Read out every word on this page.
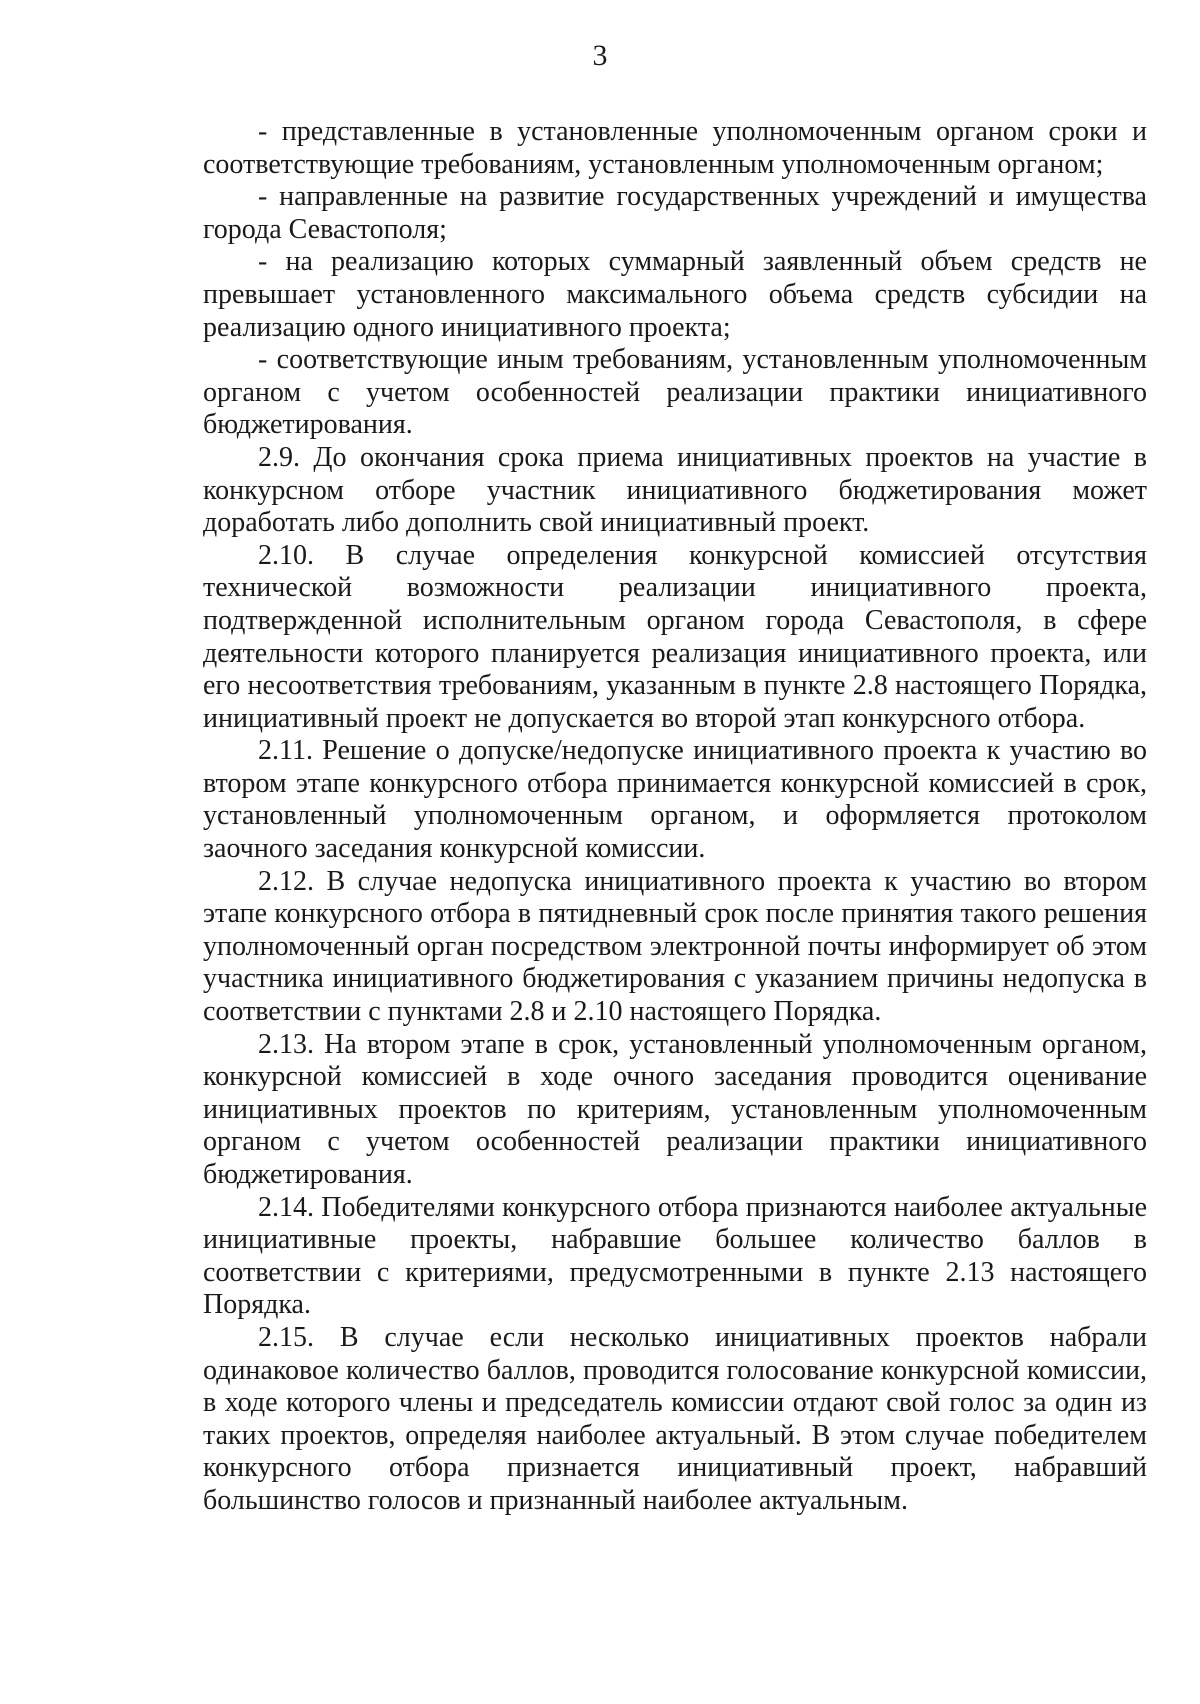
3

- представленные в установленные уполномоченным органом сроки и соответствующие требованиям, установленным уполномоченным органом;

- направленные на развитие государственных учреждений и имущества города Севастополя;

- на реализацию которых суммарный заявленный объем средств не превышает установленного максимального объема средств субсидии на реализацию одного инициативного проекта;

- соответствующие иным требованиям, установленным уполномоченным органом с учетом особенностей реализации практики инициативного бюджетирования.

2.9. До окончания срока приема инициативных проектов на участие в конкурсном отборе участник инициативного бюджетирования может доработать либо дополнить свой инициативный проект.

2.10. В случае определения конкурсной комиссией отсутствия технической возможности реализации инициативного проекта, подтвержденной исполнительным органом города Севастополя, в сфере деятельности которого планируется реализация инициативного проекта, или его несоответствия требованиям, указанным в пункте 2.8 настоящего Порядка, инициативный проект не допускается во второй этап конкурсного отбора.

2.11. Решение о допуске/недопуске инициативного проекта к участию во втором этапе конкурсного отбора принимается конкурсной комиссией в срок, установленный уполномоченным органом, и оформляется протоколом заочного заседания конкурсной комиссии.

2.12. В случае недопуска инициативного проекта к участию во втором этапе конкурсного отбора в пятидневный срок после принятия такого решения уполномоченный орган посредством электронной почты информирует об этом участника инициативного бюджетирования с указанием причины недопуска в соответствии с пунктами 2.8 и 2.10 настоящего Порядка.

2.13. На втором этапе в срок, установленный уполномоченным органом, конкурсной комиссией в ходе очного заседания проводится оценивание инициативных проектов по критериям, установленным уполномоченным органом с учетом особенностей реализации практики инициативного бюджетирования.

2.14. Победителями конкурсного отбора признаются наиболее актуальные инициативные проекты, набравшие большее количество баллов в соответствии с критериями, предусмотренными в пункте 2.13 настоящего Порядка.

2.15. В случае если несколько инициативных проектов набрали одинаковое количество баллов, проводится голосование конкурсной комиссии, в ходе которого члены и председатель комиссии отдают свой голос за один из таких проектов, определяя наиболее актуальный. В этом случае победителем конкурсного отбора признается инициативный проект, набравший большинство голосов и признанный наиболее актуальным.
